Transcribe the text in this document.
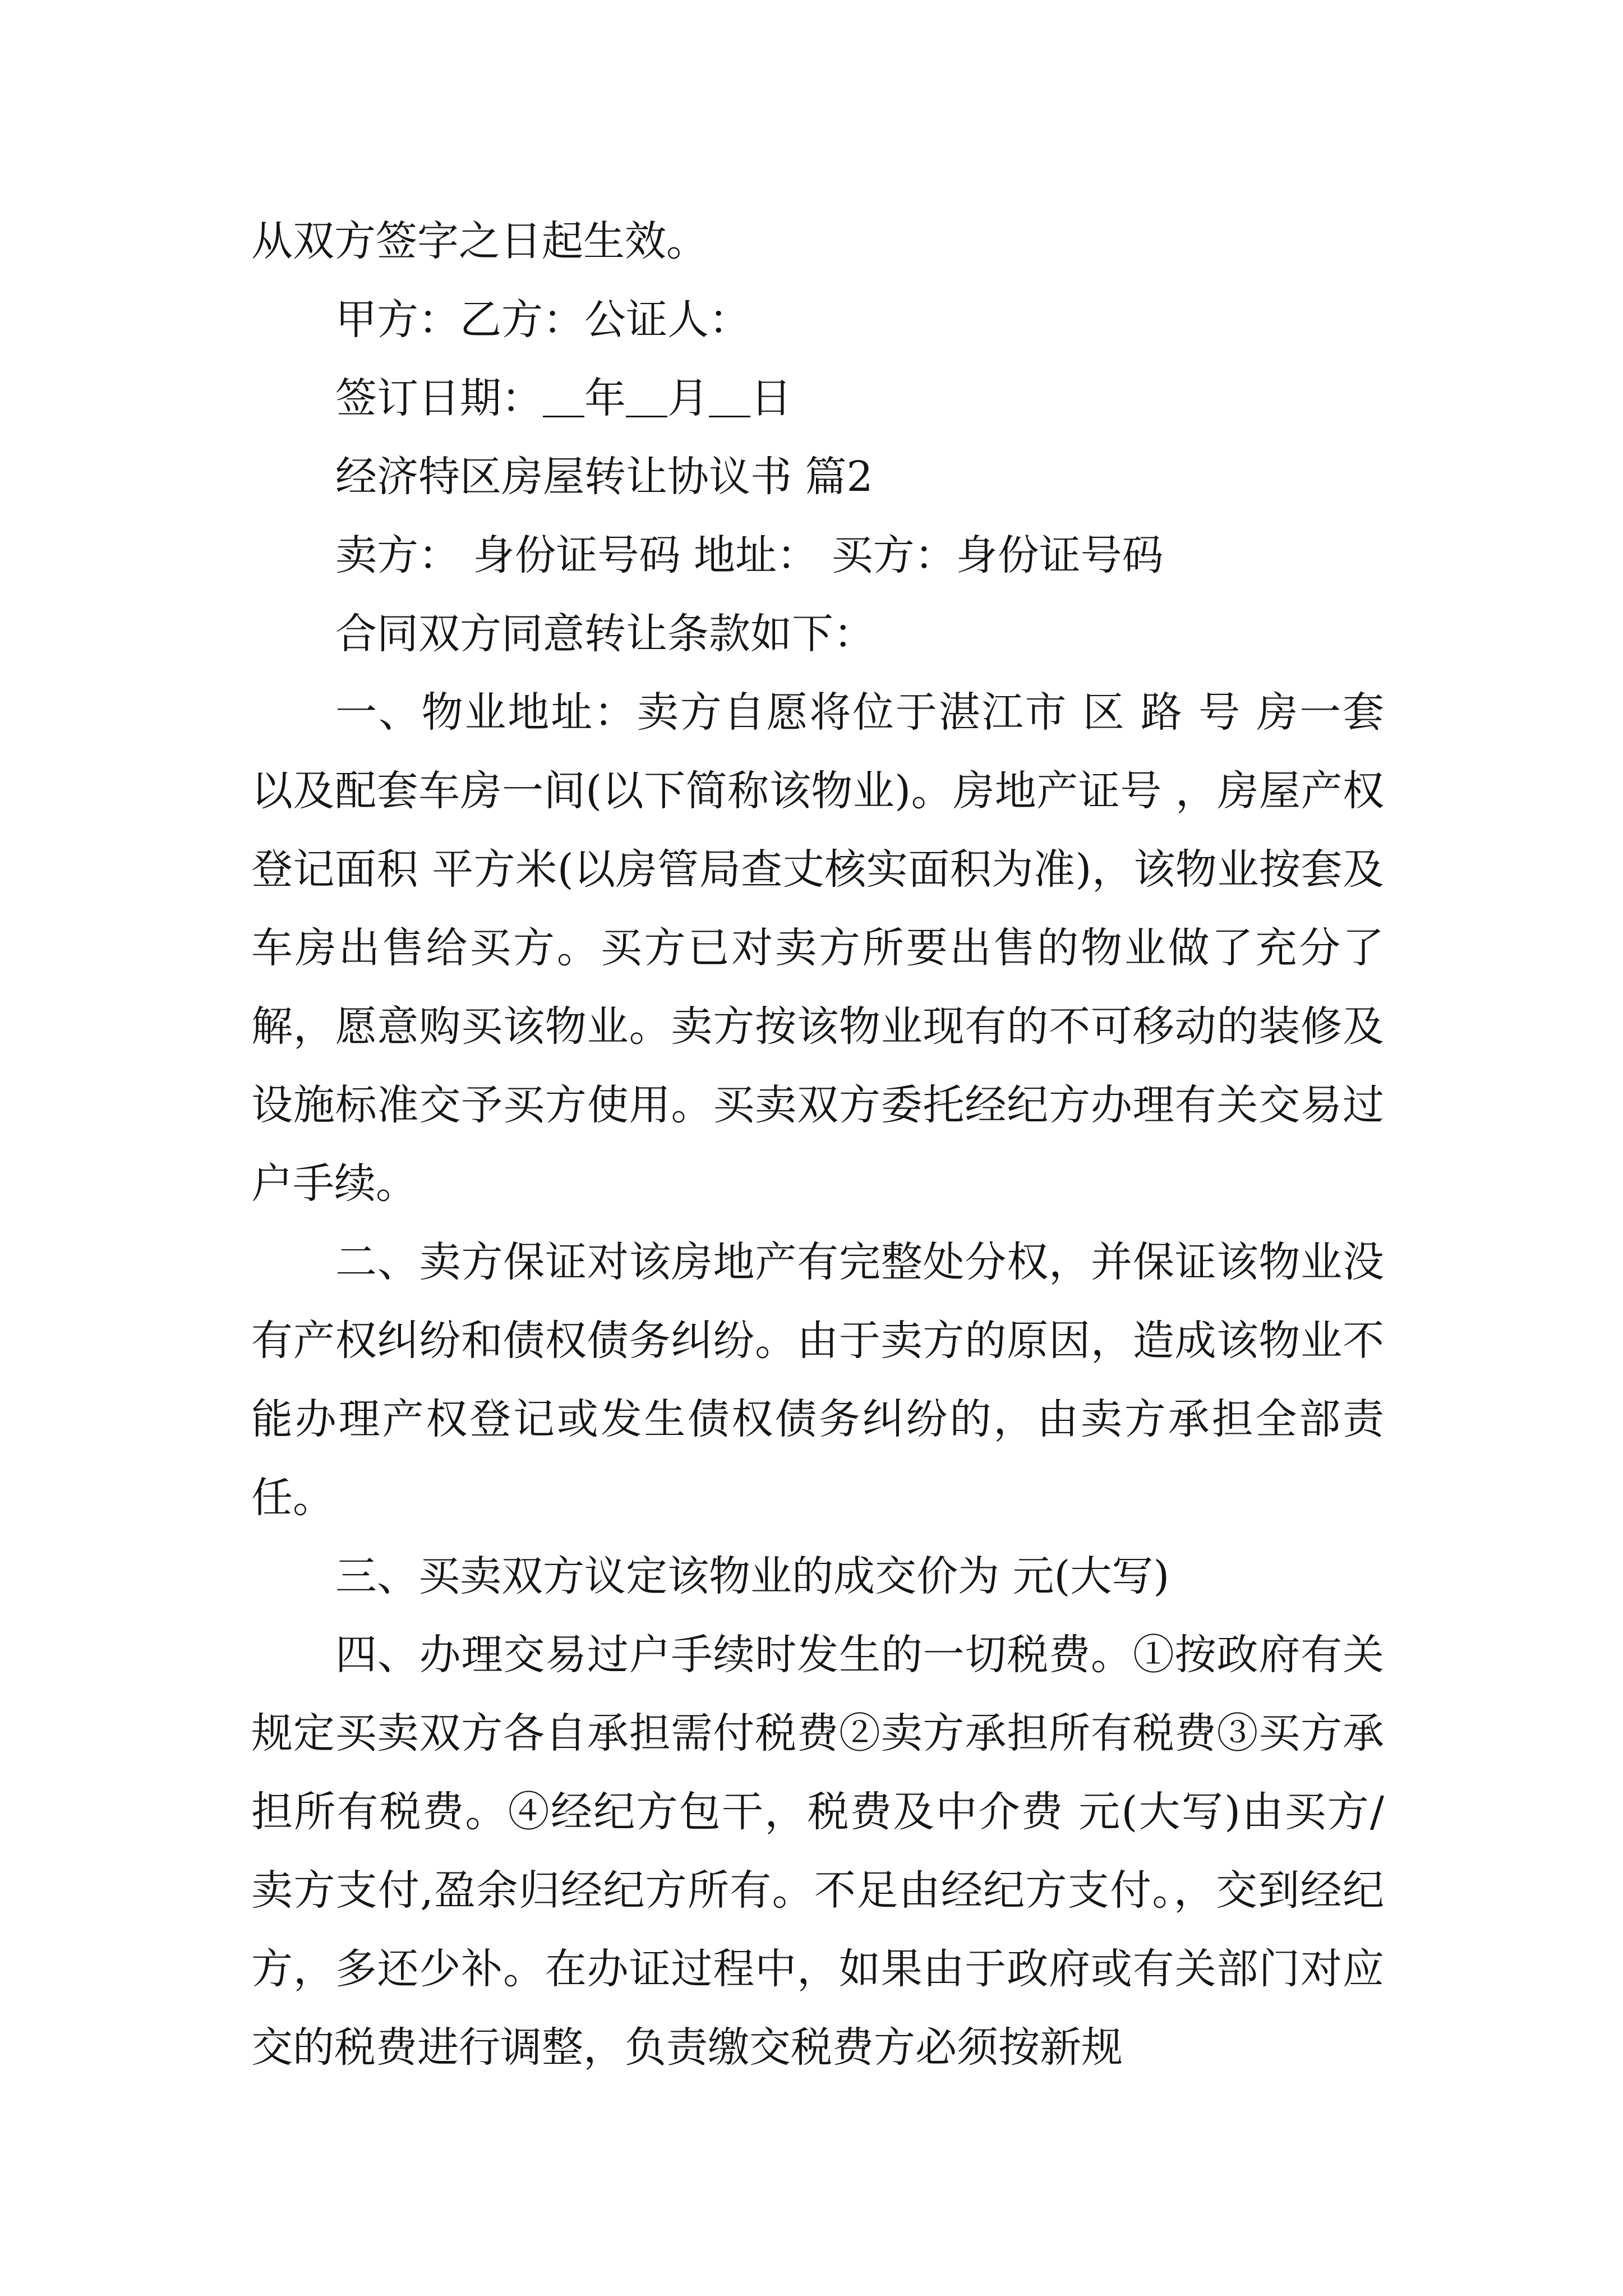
从双方签字之日起生效。

甲方：乙方：公证人：

签订日期：＿年＿月＿日

经济特区房屋转让协议书 篇2

卖方： 身份证号码 地址： 买方：身份证号码

合同双方同意转让条款如下：

一、物业地址：卖方自愿将位于湛江市 区 路 号 房一套以及配套车房一间(以下简称该物业)。房地产证号 ，房屋产权登记面积 平方米(以房管局查丈核实面积为准)，该物业按套及车房出售给买方。买方已对卖方所要出售的物业做了充分了解，愿意购买该物业。卖方按该物业现有的不可移动的装修及设施标准交予买方使用。买卖双方委托经纪方办理有关交易过户手续。

二、卖方保证对该房地产有完整处分权，并保证该物业没有产权纠纷和债权债务纠纷。由于卖方的原因，造成该物业不能办理产权登记或发生债权债务纠纷的，由卖方承担全部责任。

三、买卖双方议定该物业的成交价为 元(大写)

四、办理交易过户手续时发生的一切税费。①按政府有关规定买卖双方各自承担需付税费②卖方承担所有税费③买方承担所有税费。④经纪方包干，税费及中介费 元(大写)由买方/卖方支付,盈余归经纪方所有。不足由经纪方支付。，交到经纪方，多还少补。在办证过程中，如果由于政府或有关部门对应交的税费进行调整，负责缴交税费方必须按新规
